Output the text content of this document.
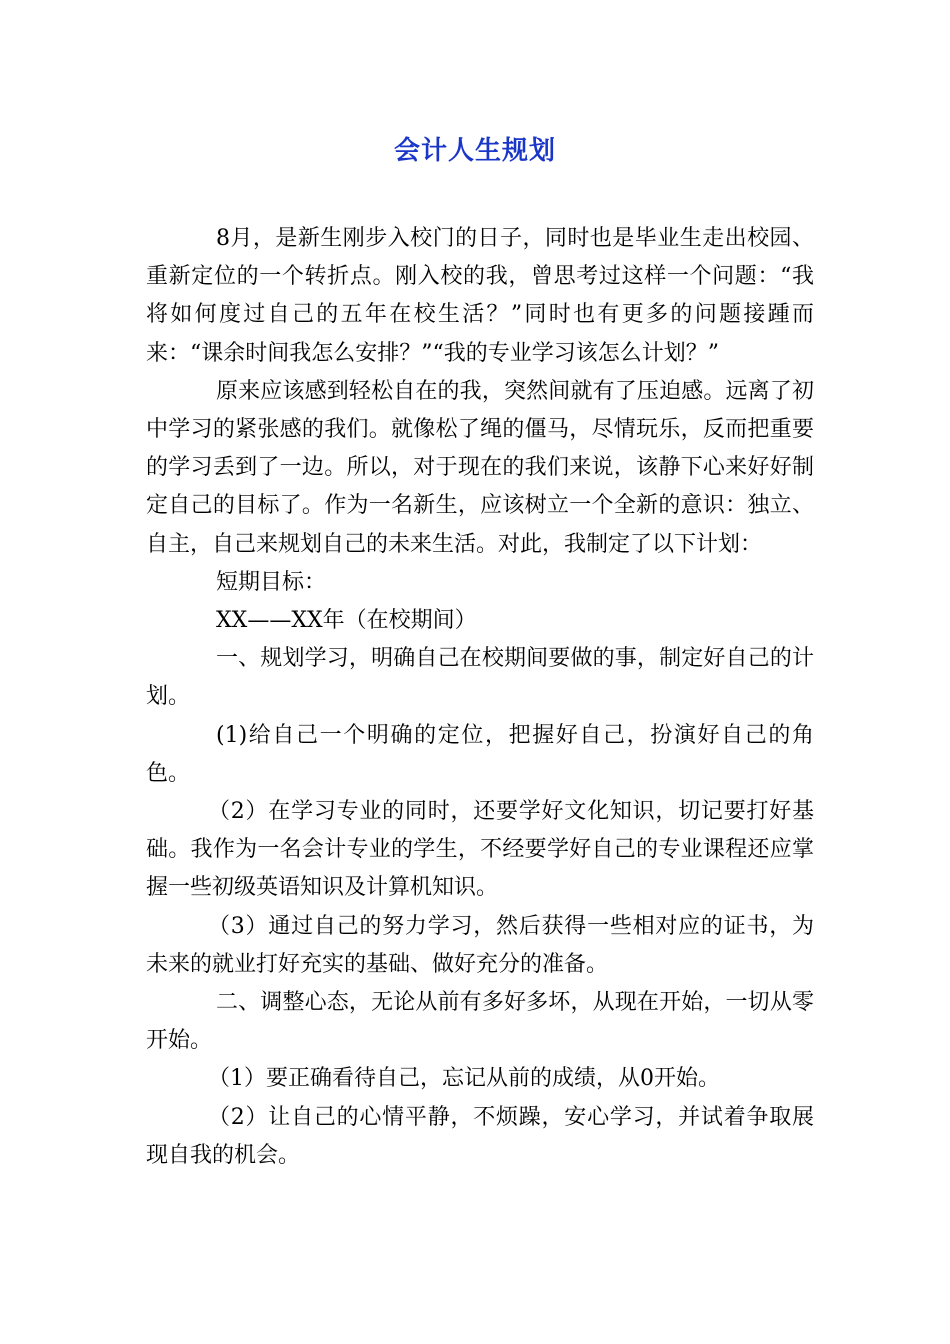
会计人生规划

8月，是新生刚步入校门的日子，同时也是毕业生走出校园、重新定位的一个转折点。刚入校的我，曾思考过这样一个问题：“我将如何度过自己的五年在校生活？”同时也有更多的问题接踵而来：“课余时间我怎么安排？”“我的专业学习该怎么计划？”

原来应该感到轻松自在的我，突然间就有了压迫感。远离了初中学习的紧张感的我们。就像松了绳的僵马，尽情玩乐，反而把重要的学习丢到了一边。所以，对于现在的我们来说，该静下心来好好制定自己的目标了。作为一名新生，应该树立一个全新的意识：独立、自主，自己来规划自己的未来生活。对此，我制定了以下计划：

短期目标：

XX——XX年（在校期间）

一、规划学习，明确自己在校期间要做的事，制定好自己的计划。

(1)给自己一个明确的定位，把握好自己，扮演好自己的角色。

（2）在学习专业的同时，还要学好文化知识，切记要打好基础。我作为一名会计专业的学生，不经要学好自己的专业课程还应掌握一些初级英语知识及计算机知识。

（3）通过自己的努力学习，然后获得一些相对应的证书，为未来的就业打好充实的基础、做好充分的准备。

二、调整心态，无论从前有多好多坏，从现在开始，一切从零开始。

（1）要正确看待自己，忘记从前的成绩，从0开始。

（2）让自己的心情平静，不烦躁，安心学习，并试着争取展现自我的机会。
